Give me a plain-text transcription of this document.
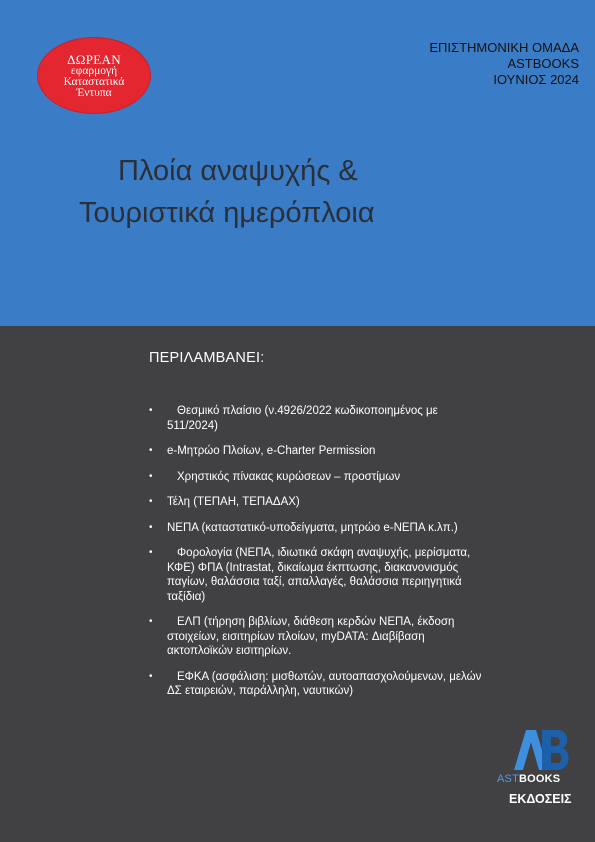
ΔΩΡΕΑΝ
εφαρμογή
Καταστατικά
Έντυπα
ΕΠΙΣΤΗΜΟΝΙΚΗ ΟΜΑΔΑ
ASTBOOKS
ΙΟΥΝΙΟΣ 2024
Πλοία αναψυχής &
Τουριστικά ημερόπλοια
ΠΕΡΙΛΑΜΒΑΝΕΙ:
• Θεσμικό πλαίσιο (ν.4926/2022 κωδικοποιημένος με 511/2024)
• e-Μητρώο Πλοίων, e-Charter Permission
• Χρηστικός πίνακας κυρώσεων – προστίμων
• Τέλη (ΤΕΠΑΗ, ΤΕΠΑΔΑΧ)
• ΝΕΠΑ (καταστατικό-υποδείγματα, μητρώο e-ΝΕΠΑ κ.λπ.)
• Φορολογία (ΝΕΠΑ, ιδιωτικά σκάφη αναψυχής, μερίσματα, ΚΦΕ) ΦΠΑ (Intrastat, δικαίωμα έκπτωσης, διακανονισμός παγίων, θαλάσσια ταξί, απαλλαγές, θαλάσσια περιηγητικά ταξίδια)
• ΕΛΠ (τήρηση βιβλίων, διάθεση κερδών ΝΕΠΑ, έκδοση στοιχείων, εισιτηρίων πλοίων, myDATA: Διαβίβαση ακτοπλοϊκών εισιτηρίων.
• ΕΦΚΑ (ασφάλιση: μισθωτών, αυτοαπασχολούμενων, μελών ΔΣ εταιρειών, παράλληλη, ναυτικών)
ASTBOOKS
ΕΚΔΟΣΕΙΣ
